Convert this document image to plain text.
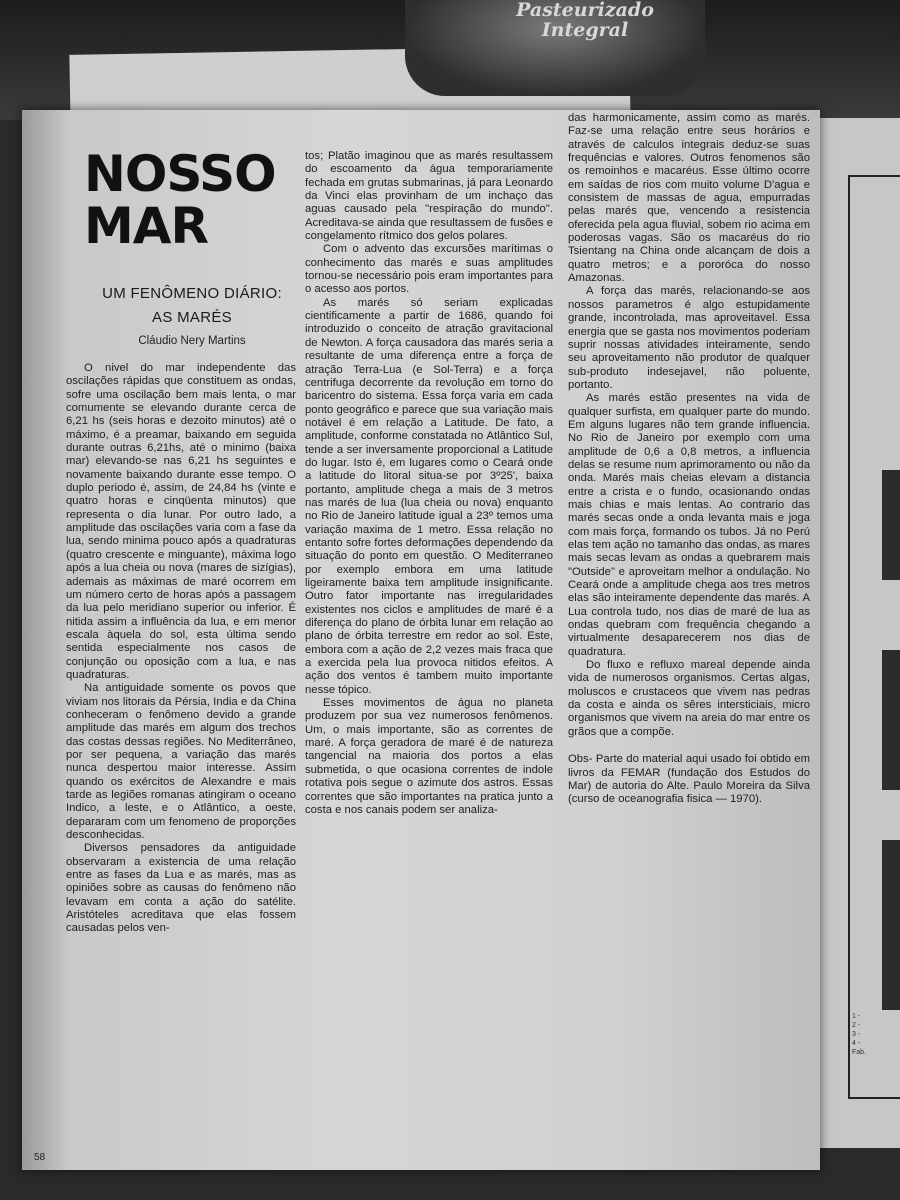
Pasteurizado
Integral
1 -
2 -
3 -
4 -
Fab.
NOSSO
MAR
UM FENÔMENO DIÁRIO:
AS MARÉS
Cláudio Nery Martins

O nivel do mar independente das oscilações rápidas que constituem as ondas, sofre uma oscilação bem mais lenta, o mar comumente se elevando durante cerca de 6,21 hs (seis horas e dezoito minutos) até o máximo, é a preamar, baixando em seguida durante outras 6,21hs, até o minimo (baixa mar) elevando-se nas 6,21 hs seguintes e novamente baixando durante esse tempo. O duplo periodo é, assim, de 24,84 hs (vinte e quatro horas e cinqüenta minutos) que representa o dia lunar. Por outro lado, a amplitude das oscilações varia com a fase da lua, sendo minima pouco após a quadraturas (quatro crescente e minguante), máxima logo após a lua cheia ou nova (mares de sizígias), ademais as máximas de maré ocorrem em um número certo de horas após a passagem da lua pelo meridiano superior ou inferior. É nitida assim a influência da lua, e em menor escala àquela do sol, esta última sendo sentida especialmente nos casos de conjunção ou oposição com a lua, e nas quadraturas.

Na antiguidade somente os povos que viviam nos litorais da Pérsia, India e da China conheceram o fenômeno devido a grande amplitude das marés em algum dos trechos das costas dessas regiões. No Mediterrâneo, por ser pequena, a variação das marés nunca despertou maior interesse. Assim quando os exércitos de Alexandre e mais tarde as legiões romanas atingiram o oceano Indico, a leste, e o Atlântico, a oeste, depararam com um fenomeno de proporções desconhecidas.

Diversos pensadores da antiguidade observaram a existencia de uma relação entre as fases da Lua e as marés, mas as opiniões sobre as causas do fenômeno não levavam em conta a ação do satélite. Aristóteles acreditava que elas fossem causadas pelos ven-

tos; Platão imaginou que as marés resultassem do escoamento da água temporariamente fechada em grutas submarinas, já para Leonardo da Vinci elas provinham de um inchaço das aguas causado pela "respiração do mundo". Acreditava-se ainda que resultassem de fusões e congelamento rítmico dos gelos polares.

Com o advento das excursões marítimas o conhecimento das marés e suas amplitudes tornou-se necessário pois eram importantes para o acesso aos portos.

As marés só seriam explicadas cientificamente a partir de 1686, quando foi introduzido o conceito de atração gravitacional de Newton. A força causadora das marés seria a resultante de uma diferença entre a força de atração Terra-Lua (e Sol-Terra) e a força centrifuga decorrente da revolução em torno do baricentro do sistema. Essa força varia em cada ponto geográfico e parece que sua variação mais notável é em relação a Latitude. De fato, a amplitude, conforme constatada no Atlântico Sul, tende a ser inversamente proporcional a Latitude do lugar. Isto é, em lugares como o Ceará onde a latitude do litoral situa-se por 3º25', baixa portanto, amplitude chega a mais de 3 metros nas marés de lua (lua cheia ou nova) enquanto no Rio de Janeiro latitude igual a 23º temos uma variação maxima de 1 metro. Essa relação no entanto sofre fortes deformações dependendo da situação do ponto em questão. O Mediterraneo por exemplo embora em uma latitude ligeiramente baixa tem amplitude insignificante. Outro fator importante nas irregularidades existentes nos ciclos e amplitudes de maré é a diferença do plano de órbita lunar em relação ao plano de órbita terrestre em redor ao sol. Este, embora com a ação de 2,2 vezes mais fraca que a exercida pela lua provoca nitidos efeitos. A ação dos ventos é tambem muito importante nesse tópico.

Esses movimentos de água no planeta produzem por sua vez numerosos fenômenos. Um, o mais importante, são as correntes de maré. A força geradora de maré é de natureza tangencial na maioria dos portos a elas submetida, o que ocasiona correntes de indole rotativa pois segue o azimute dos astros. Essas correntes que são importantes na pratica junto a costa e nos canais podem ser analiza-

das harmonicamente, assim como as marés. Faz-se uma relação entre seus horários e através de calculos integrais deduz-se suas frequências e valores. Outros fenomenos são os remoinhos e macaréus. Esse último ocorre em saídas de rios com muito volume D'agua e consistem de massas de agua, empurradas pelas marés que, vencendo a resistencia oferecida pela agua fluvial, sobem rio acima em poderosas vagas. São os macaréus do rio Tsientang na China onde alcançam de dois a quatro metros; e a pororóca do nosso Amazonas.

A força das marés, relacionando-se aos nossos parametros é algo estupidamente grande, incontrolada, mas aproveitavel. Essa energia que se gasta nos movimentos poderiam suprir nossas atividades inteiramente, sendo seu aproveitamento não produtor de qualquer sub-produto indesejavel, não poluente, portanto.

As marés estão presentes na vida de qualquer surfista, em qualquer parte do mundo. Em alguns lugares não tem grande influencia. No Rio de Janeiro por exemplo com uma amplitude de 0,6 a 0,8 metros, a influencia delas se resume num aprimoramento ou não da onda. Marés mais cheias elevam a distancia entre a crista e o fundo, ocasionando ondas mais chias e mais lentas. Ao contrario das marés secas onde a onda levanta mais e joga com mais força, formando os tubos. Já no Perú elas tem ação no tamanho das ondas, as mares mais secas levam as ondas a quebrarem mais "Outside" e aproveitam melhor a ondulação. No Ceará onde a amplitude chega aos tres metros elas são inteiramente dependente das marés. A Lua controla tudo, nos dias de maré de lua as ondas quebram com frequência chegando a virtualmente desaparecerem nos dias de quadratura.

Do fluxo e refluxo mareal depende ainda vida de numerosos organismos. Certas algas, moluscos e crustaceos que vivem nas pedras da costa e ainda os sêres intersticiais, micro organismos que vivem na areia do mar entre os grãos que a compõe.

Obs- Parte do material aqui usado foi obtido em livros da FEMAR (fundação dos Estudos do Mar) de autoria do Alte. Paulo Moreira da Silva (curso de oceanografia fisica — 1970).

58
